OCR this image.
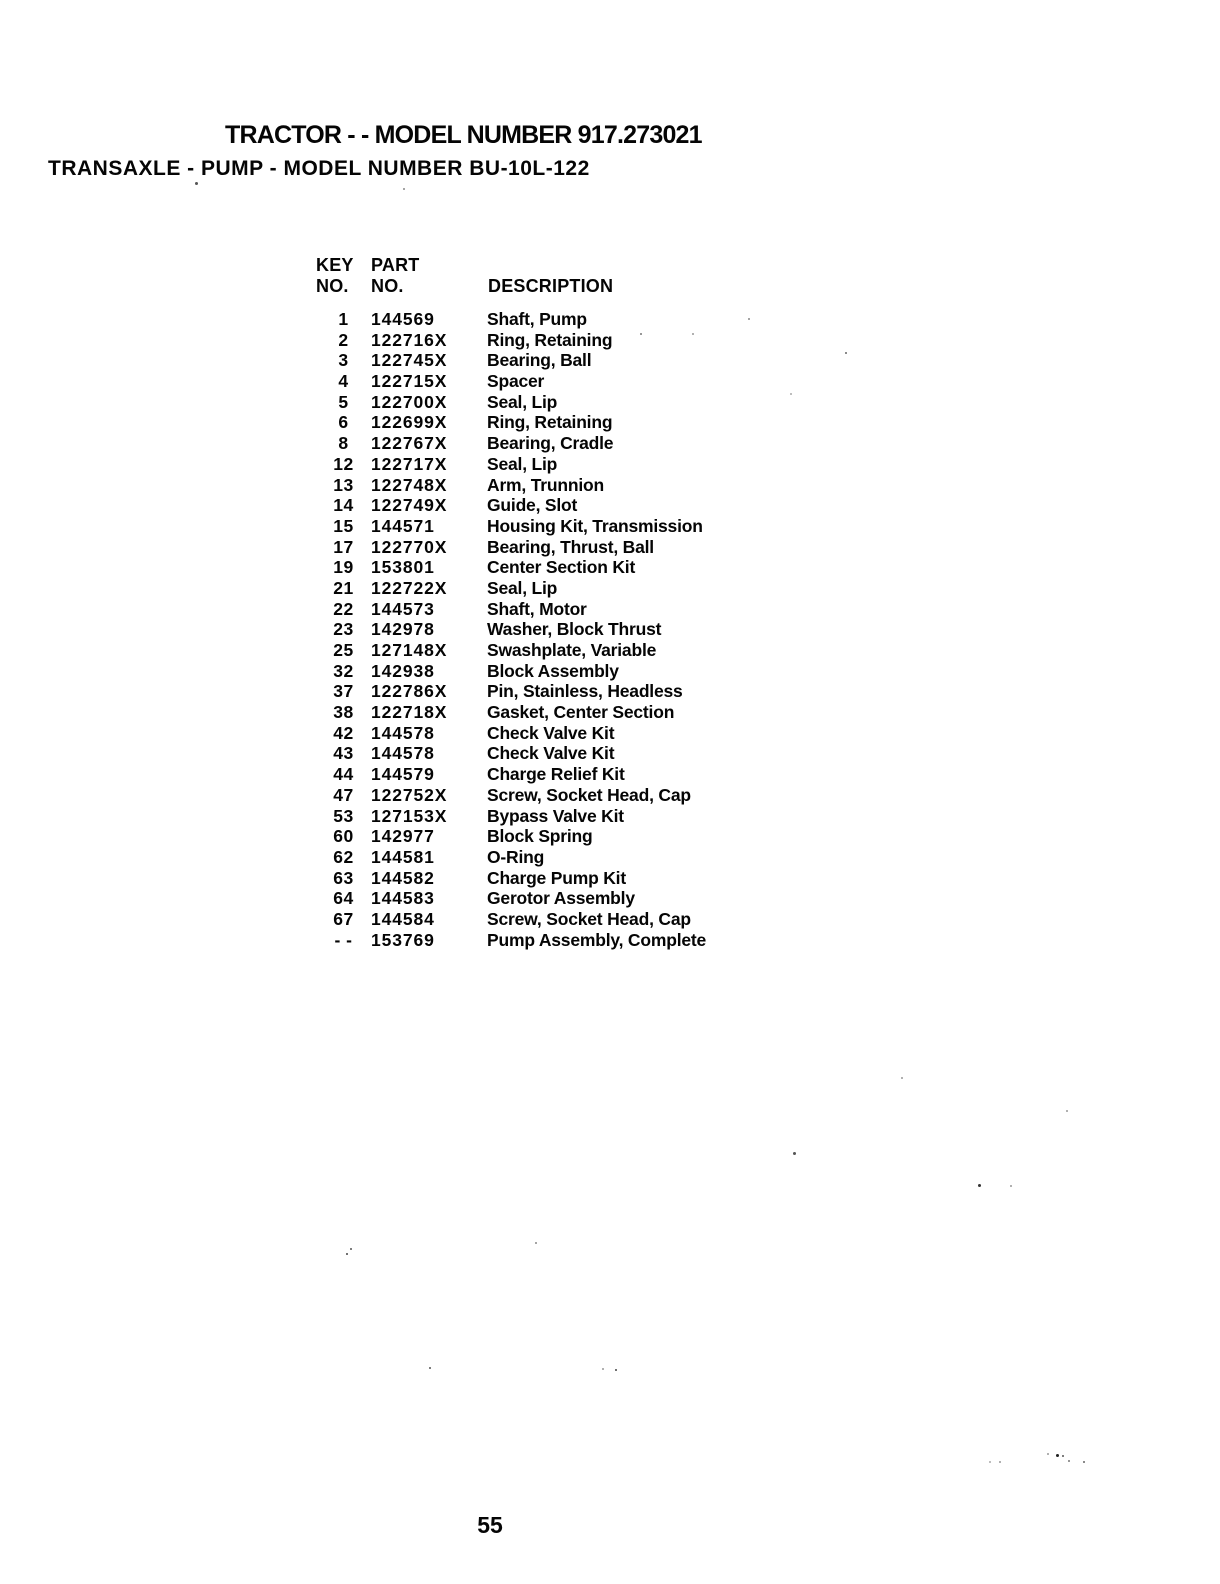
TRACTOR - - MODEL NUMBER 917.273021
TRANSAXLE - PUMP - MODEL NUMBER BU-10L-122
KEY PART
NO.	NO.	DESCRIPTION
1	144569	Shaft, Pump
2	122716X	Ring, Retaining
3	122745X	Bearing, Ball
4	122715X	Spacer
5	122700X	Seal, Lip
6	122699X	Ring, Retaining
8	122767X	Bearing, Cradle
12 122717X	Seal, Lip
13 122748X	Arm, Trunnion
14 122749X	Guide, Slot
15 144571	Housing Kit, Transmission
17 122770X	Bearing, Thrust, Ball
19 153801	Center Section Kit
21 122722X	Seal, Lip
22 144573	Shaft, Motor
23 142978	Washer, Block Thrust
25 127148X	Swashplate, Variable
32 142938	Block Assembly
37 122786X	Pin, Stainless, Headless
38 122718X	Gasket, Center Section
42 144578	Check Valve Kit
43 144578	Check Valve Kit
44 144579	Charge Relief Kit
47 122752X	Screw, Socket Head, Cap
53 127153X	Bypass Valve Kit
60 142977	Block Spring
62 144581	O-Ring
63 144582	Charge Pump Kit
64 144583	Gerotor Assembly
67 144584	Screw, Socket Head, Cap
- -	153769	Pump Assembly, Complete
55
